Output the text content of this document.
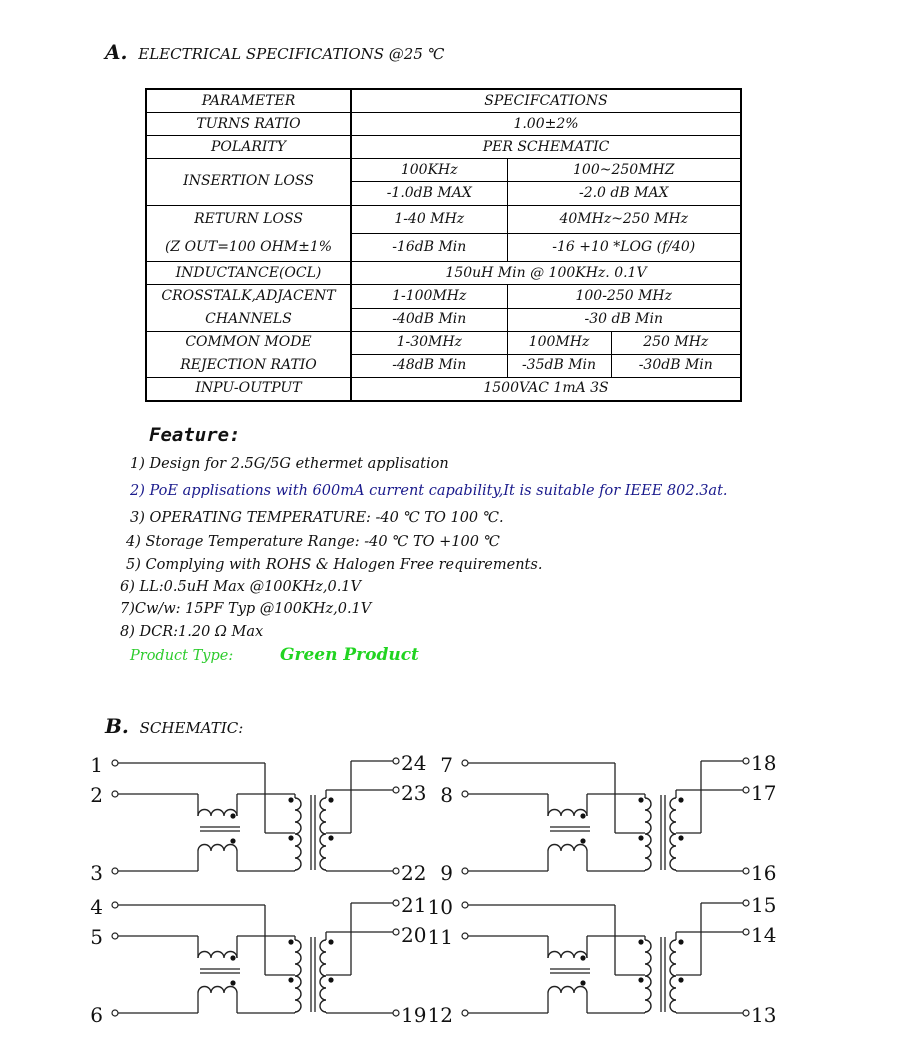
A. ELECTRICAL SPECIFICATIONS @25 ℃
PARAMETER	SPECIFCATIONS		
TURNS RATIO	1.00±2%		
POLARITY	PER SCHEMATIC		
INSERTION LOSS	100KHz	100~250MHZ	
	-1.0dB MAX	-2.0 dB MAX	
RETURN LOSS	1-40 MHz	40MHz~250 MHz	
(Z OUT=100 OHM±1%	-16dB Min	-16 +10 *LOG (f/40)	
INDUCTANCE(OCL)	150uH Min @ 100KHz. 0.1V		
CROSSTALK,ADJACENT	1-100MHz	100-250 MHz	
CHANNELS	-40dB Min	-30 dB Min	
COMMON MODE	1-30MHz	100MHz	250 MHz
REJECTION RATIO	-48dB Min	-35dB Min	-30dB Min
INPU-OUTPUT	1500VAC 1mA 3S		
Feature:
1) Design for 2.5G/5G ethermet applisation
2) PoE applisations with 600mA current capability,It is suitable for IEEE 802.3at.
3) OPERATING TEMPERATURE: -40 ℃ TO 100 ℃.
4) Storage Temperature Range: -40 ℃ TO +100 ℃
5) Complying with ROHS & Halogen Free requirements.
6) LL:0.5uH Max @100KHz,0.1V
7)Cw/w: 15PF Typ @100KHz,0.1V
8) DCR:1.20 Ω Max
Product Type:	Green Product
B. SCHEMATIC:
1
2
3
24
23
22
7
8
9
18
17
16
4
5
6
21
20
19
10
11
12
15
14
13
